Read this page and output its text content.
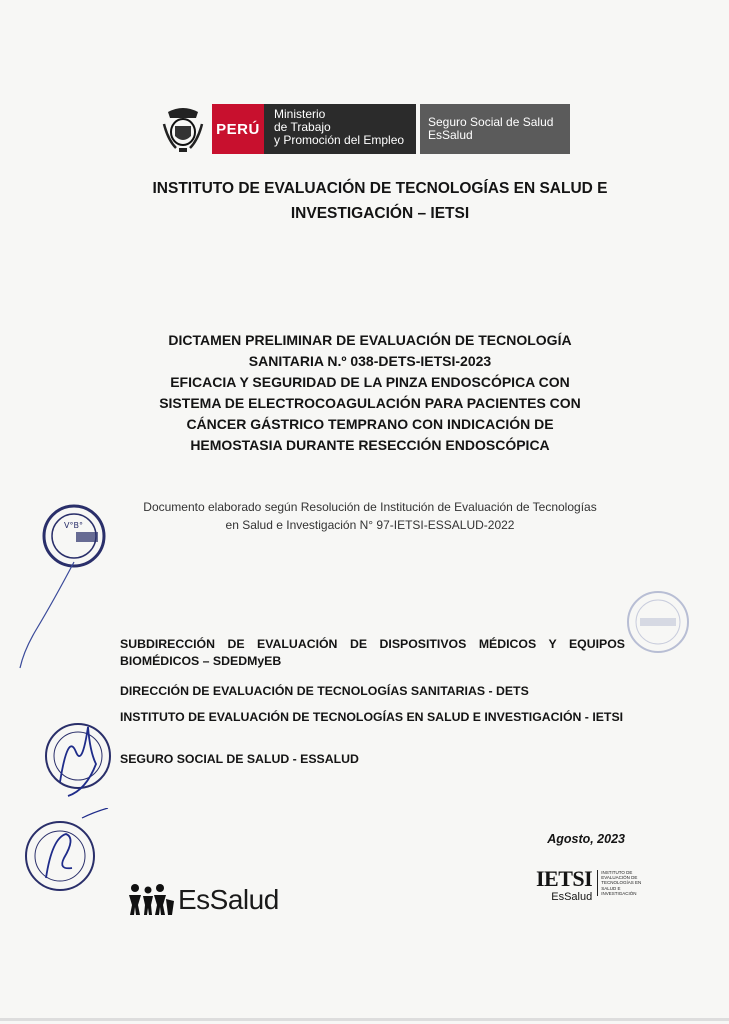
PERÚ
Ministerio
de Trabajo
y Promoción del Empleo
Seguro Social de Salud
EsSalud
INSTITUTO DE EVALUACIÓN DE TECNOLOGÍAS EN SALUD E
INVESTIGACIÓN – IETSI
DICTAMEN PRELIMINAR DE EVALUACIÓN DE TECNOLOGÍA
SANITARIA N.º 038-DETS-IETSI-2023
EFICACIA Y SEGURIDAD DE LA PINZA ENDOSCÓPICA CON
SISTEMA DE ELECTROCOAGULACIÓN PARA PACIENTES CON
CÁNCER GÁSTRICO TEMPRANO CON INDICACIÓN DE
HEMOSTASIA DURANTE RESECCIÓN ENDOSCÓPICA
Documento elaborado según Resolución de Institución de Evaluación de Tecnologías
en Salud e Investigación N° 97-IETSI-ESSALUD-2022
SUBDIRECCIÓN DE EVALUACIÓN DE DISPOSITIVOS MÉDICOS Y EQUIPOS BIOMÉDICOS – SDEDMyEB
DIRECCIÓN DE EVALUACIÓN DE TECNOLOGÍAS SANITARIAS - DETS
INSTITUTO DE EVALUACIÓN DE TECNOLOGÍAS EN SALUD E INVESTIGACIÓN - IETSI
SEGURO SOCIAL DE SALUD - ESSALUD
Agosto, 2023
V°B°
EsSalud
IETSI
EsSalud
INSTITUTO DE
EVALUACIÓN DE
TECNOLOGÍAS EN
SALUD E
INVESTIGACIÓN
